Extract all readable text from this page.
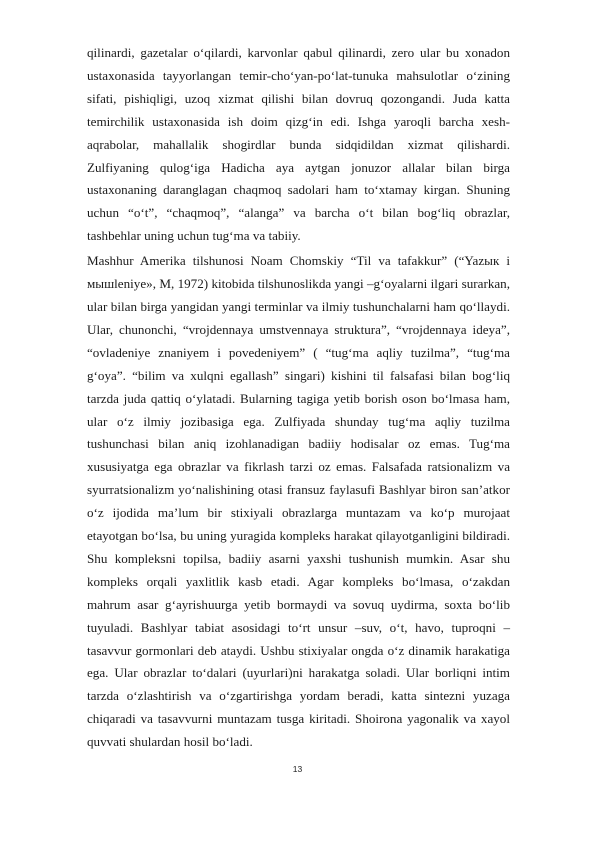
qilinardi, gazetalar o‘qilardi, karvonlar qabul qilinardi, zero ular bu xonadon ustaxonasida tayyorlangan temir-cho‘yan-po‘lat-tunuka mahsulotlar o‘zining sifati, pishiqligi, uzoq xizmat qilishi bilan dovruq qozongandi. Juda katta temirchilik ustaxonasida ish doim qizg‘in edi. Ishga yaroqli barcha xesh-aqrabolar, mahallalik shogirdlar bunda sidqidildan xizmat qilishardi. Zulfiyaning qulog‘iga Hadicha aya aytgan jonuzor allalar bilan birga ustaxonaning daranglagan chaqmoq sadolari ham to‘xtamay kirgan. Shuning uchun “o‘t”, “chaqmoq”, “alanga” va barcha o‘t bilan bog‘liq obrazlar, tashbehlar uning uchun tug‘ma va tabiiy.

Mashhur Amerika tilshunosi Noam Chomskiy “Til va tafakkur” (“Yazык i мышleniye», M, 1972) kitobida tilshunoslikda yangi –g‘oyalarni ilgari surarkan, ular bilan birga yangidan yangi terminlar va ilmiy tushunchalarni ham qo‘llaydi. Ular, chunonchi, “vrojdennaya umstvennaya struktura”, “vrojdennaya ideya”, “ovladeniye znaniyem i povedeniyem” ( “tug‘ma aqliy tuzilma”, “tug‘ma g‘oya”. “bilim va xulqni egallash” singari) kishini til falsafasi bilan bog‘liq tarzda juda qattiq o‘ylatadi. Bularning tagiga yetib borish oson bo‘lmasa ham, ular o‘z ilmiy jozibasiga ega. Zulfiyada shunday tug‘ma aqliy tuzilma tushunchasi bilan aniq izohlanadigan badiiy hodisalar oz emas. Tug‘ma xususiyatga ega obrazlar va fikrlash tarzi oz emas. Falsafada ratsionalizm va syurratsionalizm yo‘nalishining otasi fransuz faylasufi Bashlyar biron san’atkor o‘z ijodida ma’lum bir stixiyali obrazlarga muntazam va ko‘p murojaat etayotgan bo‘lsa, bu uning yuragida kompleks harakat qilayotganligini bildiradi. Shu kompleksni topilsa, badiiy asarni yaxshi tushunish mumkin. Asar shu kompleks orqali yaxlitlik kasb etadi. Agar kompleks bo‘lmasa, o‘zakdan mahrum asar g‘ayrishuurga yetib bormaydi va sovuq uydirma, soxta bo‘lib tuyuladi. Bashlyar tabiat asosidagi to‘rt unsur –suv, o‘t, havo, tuproqni – tasavvur gormonlari deb ataydi. Ushbu stixiyalar ongda o‘z dinamik harakatiga ega. Ular obrazlar to‘dalari (uyurlari)ni harakatga soladi. Ular borliqni intim tarzda o‘zlashtirish va o‘zgartirishga yordam beradi, katta sintezni yuzaga chiqaradi va tasavvurni muntazam tusga kiritadi. Shoirona yagonalik va xayol quvvati shulardan hosil bo‘ladi.

13
